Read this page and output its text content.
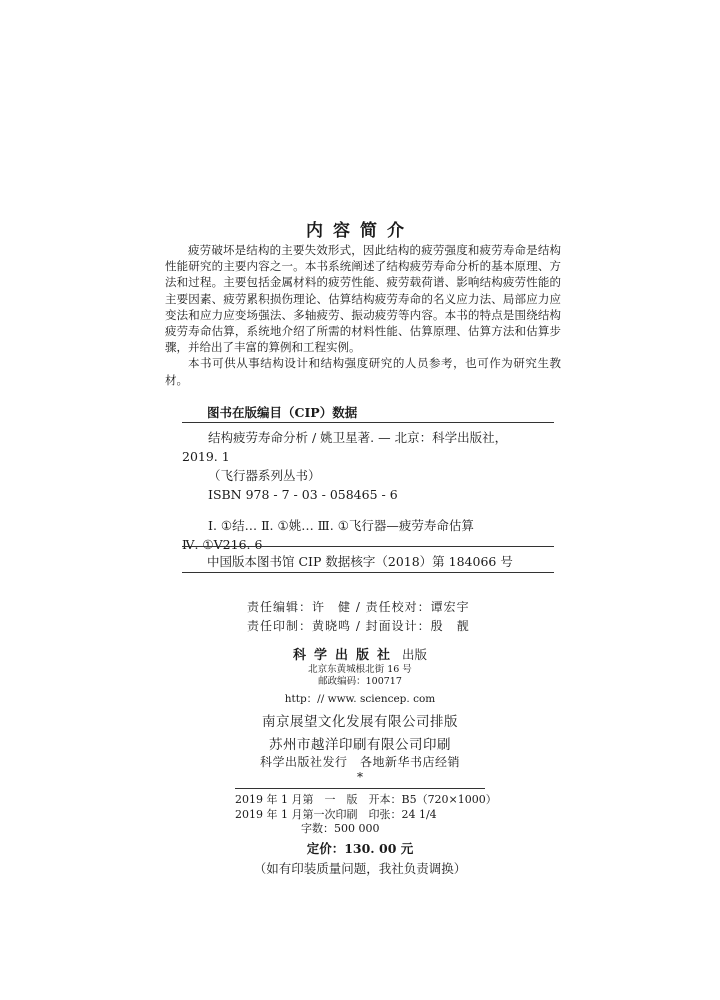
内容简介

疲劳破坏是结构的主要失效形式，因此结构的疲劳强度和疲劳寿命是结构性能研究的主要内容之一。本书系统阐述了结构疲劳寿命分析的基本原理、方法和过程。主要包括金属材料的疲劳性能、疲劳载荷谱、影响结构疲劳性能的主要因素、疲劳累积损伤理论、估算结构疲劳寿命的名义应力法、局部应力应变法和应力应变场强法、多轴疲劳、振动疲劳等内容。本书的特点是围绕结构疲劳寿命估算，系统地介绍了所需的材料性能、估算原理、估算方法和估算步骤，并给出了丰富的算例和工程实例。

本书可供从事结构设计和结构强度研究的人员参考，也可作为研究生教材。

图书在版编目（CIP）数据
结构疲劳寿命分析 / 姚卫星著. — 北京：科学出版社，
2019. 1
（飞行器系列丛书）
ISBN 978 - 7 - 03 - 058465 - 6
Ⅰ. ①结… Ⅱ. ①姚… Ⅲ. ①飞行器—疲劳寿命估算
Ⅳ. ①V216. 6
中国版本图书馆 CIP 数据核字（2018）第 184066 号
责任编辑：许　健 / 责任校对：谭宏宇
责任印制：黄晓鸣 / 封面设计：殷　靓
科学出版社 出版
北京东黄城根北街 16 号
邮政编码：100717
http：// www. sciencep. com
南京展望文化发展有限公司排版
苏州市越洋印刷有限公司印刷
科学出版社发行　各地新华书店经销
*
2019 年 1 月第　一　版　开本：B5（720×1000）
2019 年 1 月第一次印刷　印张：24 1/4
字数：500 000
定价：130. 00 元
（如有印装质量问题，我社负责调换）
